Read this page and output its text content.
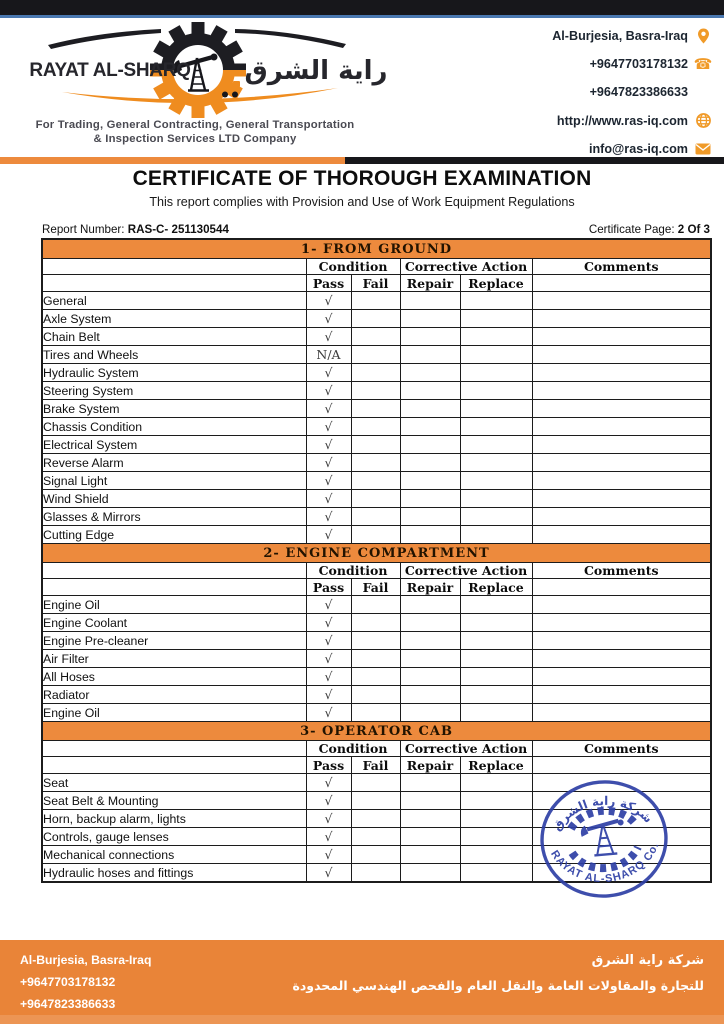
RAYAT AL-SHARQ راية الشرق
For Trading, General Contracting, General Transportation
& Inspection Services LTD Company
Al-Burjesia, Basra-Iraq
+9647703178132 ☎
+9647823386633
http://www.ras-iq.com
info@ras-iq.com
CERTIFICATE OF THOROUGH EXAMINATION
This report complies with Provision and Use of Work Equipment Regulations
Report Number: RAS-C- 251130544	Certificate Page: 2 Of 3
1- FROM GROUND					
	Condition		Corrective Action		Comments
	Pass	Fail	Repair	Replace	
General	√				
Axle System	√				
Chain Belt	√				
Tires and Wheels	N/A				
Hydraulic System	√				
Steering System	√				
Brake System	√				
Chassis Condition	√				
Electrical System	√				
Reverse Alarm	√				
Signal Light	√				
Wind Shield	√				
Glasses & Mirrors	√				
Cutting Edge	√				
2- ENGINE COMPARTMENT					
	Condition		Corrective Action		Comments
	Pass	Fail	Repair	Replace	
Engine Oil	√				
Engine Coolant	√				
Engine Pre-cleaner	√				
Air Filter	√				
All Hoses	√				
Radiator	√				
Engine Oil	√				
3- OPERATOR CAB					
	Condition		Corrective Action		Comments
	Pass	Fail	Repair	Replace	
Seat	√				
Seat Belt & Mounting	√				
Horn, backup alarm, lights	√				
Controls, gauge lenses	√				
Mechanical connections	√				
Hydraulic hoses and fittings	√				
شركة راية الشرق
RAYAT AL-SHARQ Co.
Al-Burjesia, Basra-Iraq
+9647703178132
+9647823386633
شركة راية الشرق
للتجارة والمقاولات العامة والنقل العام والفحص الهندسي المحدودة
